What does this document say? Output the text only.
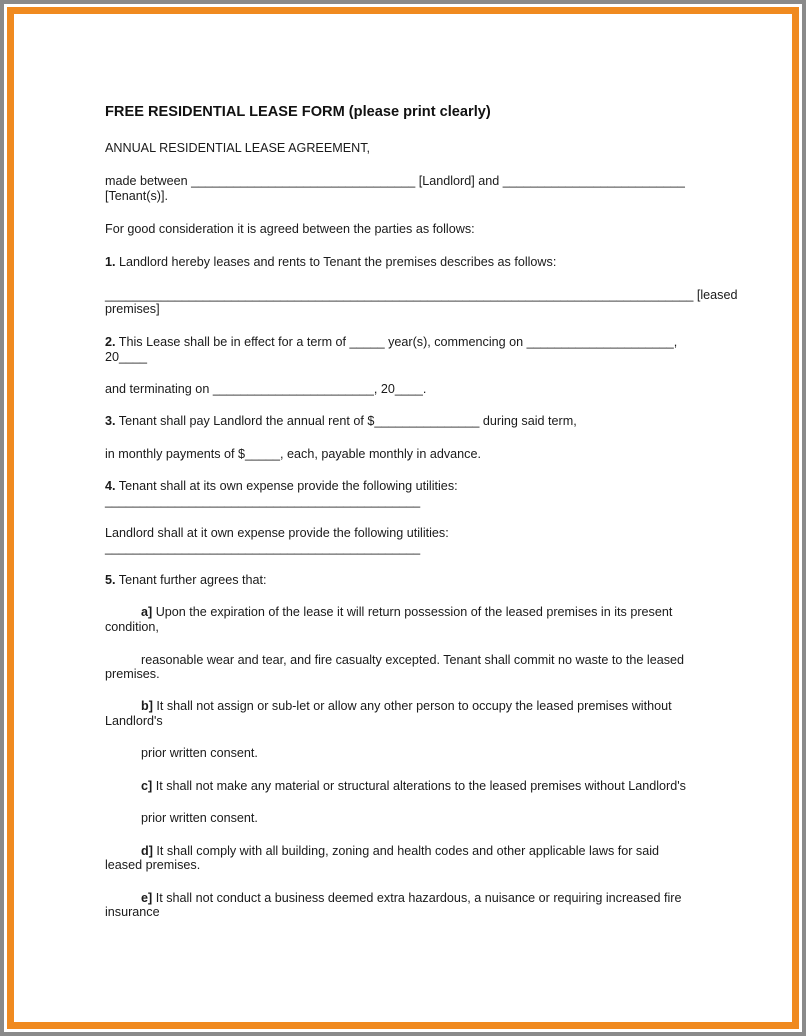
FREE RESIDENTIAL LEASE FORM (please print clearly)
ANNUAL RESIDENTIAL LEASE AGREEMENT,
made between ________________________________ [Landlord] and __________________________
[Tenant(s)].
For good consideration it is agreed between the parties as follows:
1. Landlord hereby leases and rents to Tenant the premises describes as follows:
____________________________________________________________________________________ [leased
premises]
2. This Lease shall be in effect for a term of _____ year(s), commencing on _____________________,
20____
and terminating on _______________________, 20____.
3. Tenant shall pay Landlord the annual rent of $_______________ during said term,
in monthly payments of $_____, each, payable monthly in advance.
4. Tenant shall at its own expense provide the following utilities:
_____________________________________________
Landlord shall at it own expense provide the following utilities:
_____________________________________________
5. Tenant further agrees that:
a] Upon the expiration of the lease it will return possession of the leased premises in its present
condition,
reasonable wear and tear, and fire casualty excepted. Tenant shall commit no waste to the leased
premises.
b] It shall not assign or sub-let or allow any other person to occupy the leased premises without
Landlord's
prior written consent.
c] It shall not make any material or structural alterations to the leased premises without Landlord's
prior written consent.
d] It shall comply with all building, zoning and health codes and other applicable laws for said
leased premises.
e] It shall not conduct a business deemed extra hazardous, a nuisance or requiring increased fire
insurance
